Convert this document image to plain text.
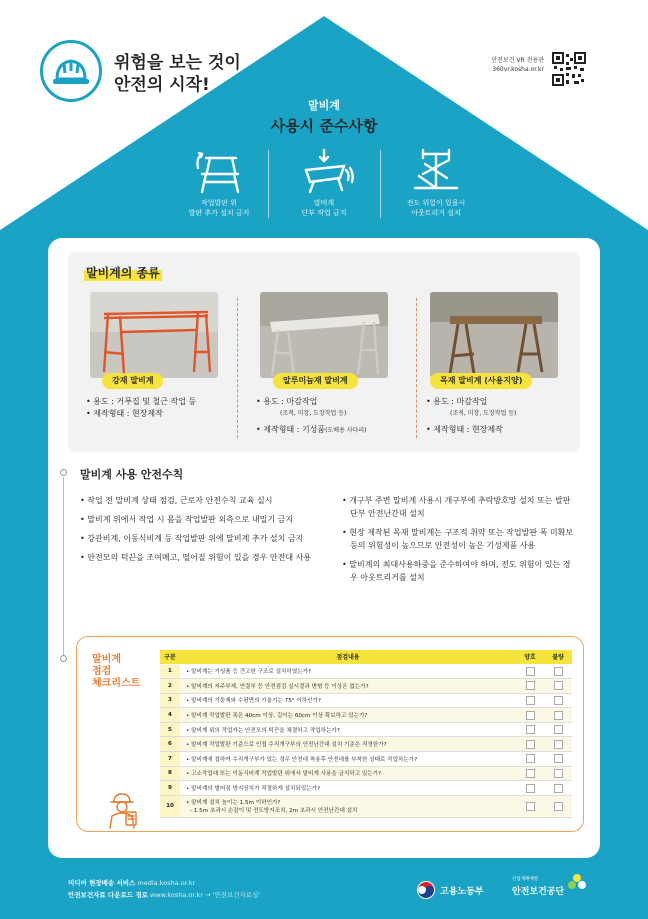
위험을 보는 것이
안전의 시작!
안전보건 VR 전용관
360vr.kosha.or.kr
말비계
사용시 준수사항
작업발판 위
발판 추가 설치 금지
말비계
단부 작업 금지
전도 위험이 있을시
아웃트리거 설치
말비계의 종류
강재 말비계	알루미늄재 말비계	목재 말비계 (사용지양)
• 용도 : 거푸집 및 철근 작업 등
• 제작형태 : 현장제작
• 용도 : 마감작업
(조적, 미장, 도장작업 등)
• 제작형태 : 기성품(도배용 사다리)
• 용도 : 마감작업
(조적, 미장, 도장작업 등)
• 제작형태 : 현장제작
말비계 사용 안전수칙
• 작업 전 말비계 상태 점검, 근로자 안전수칙 교육 실시
• 말비계 위에서 작업 시 몸을 작업발판 외측으로 내밀기 금지
• 강관비계, 이동식비계 등 작업발판 위에 말비계 추가 설치 금지
• 안전모의 턱끈을 조여매고, 떨어질 위험이 있을 경우 안전대 사용
• 개구부 주변 말비계 사용시 개구부에 추락방호망 설치 또는 발판 단부 안전난간대 설치
• 현장 제작된 목재 말비계는 구조적 취약 또는 작업발판 폭 미확보 등의 위험성이 높으므로 안전성이 높은 기성제품 사용
• 말비계의 최대사용하중을 준수하여야 하며, 전도 위험이 있는 경우 아웃트리거를 설치
말비계
점검
체크리스트
구분	점검내용	양호	불량
1	• 말비계는 기성품 등 견고한 구조로 설치하였는가?		
2	• 말비계의 지주부재, 연결부 등 안전점검 실시결과 변형 등 이상은 없는가?		
3	• 말비계의 기둥재와 수평면의 기울기는 75° 이하인가?		
4	• 말비계 작업발판 폭은 40cm 이상, 길이는 60cm 이상 확보하고 있는가?		
5	• 말비계 위의 작업자는 안전모의 턱끈을 체결하고 작업하는가?		
6	• 말비계 작업발판 기준으로 인접 수직개구부의 안전난간대 설치 기준은 적정한가?		
7	• 말비계에 접하여 수직개구부가 있는 경우 안전대 착용후 안전대를 부착한 상태로 작업하는가?		
8	• 고소작업대 또는 이동식비계 작업발판 위에서 말비계 사용을 금지하고 있는가?		
9	• 말비계의 벌어짐 방지장치가 적절하게 설치되었는가?		
10	• 말비계 설치 높이는 1.5m 이하인가?
- 1.5m 초과시 손잡이 및 전도방지조치, 2m 초과시 안전난간대 설치		

미디어 현장배송 서비스 media.kosha.or.kr
안전보건자료 다운로드 경로 www.kosha.or.kr → '안전보건자료실'	고용노동부
산업재해예방
안전보건공단
